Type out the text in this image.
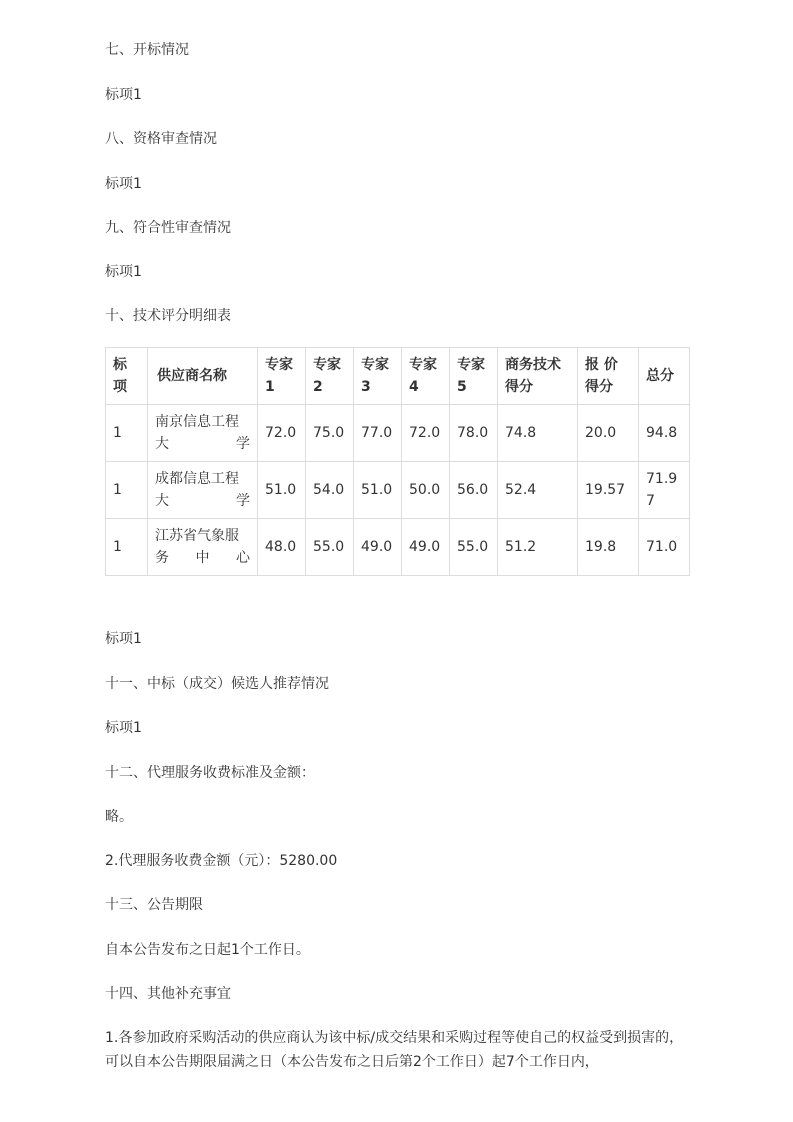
七、开标情况

标项1

八、资格审查情况

标项1

九、符合性审查情况

标项1

十、技术评分明细表

标项	供应商名称	专家1	专家2	专家3	专家4	专家5	商务技术得分	报 价得分	总分
1	南京信息工程大学	72.0	75.0	77.0	72.0	78.0	74.8	20.0	94.8
1	成都信息工程大学	51.0	54.0	51.0	50.0	56.0	52.4	19.57	71.97
1	江苏省气象服务中心	48.0	55.0	49.0	49.0	55.0	51.2	19.8	71.0

标项1

十一、中标（成交）候选人推荐情况

标项1

十二、代理服务收费标准及金额：

略。

2.代理服务收费金额（元）：5280.00

十三、公告期限

自本公告发布之日起1个工作日。

十四、其他补充事宜

1.各参加政府采购活动的供应商认为该中标/成交结果和采购过程等使自己的权益受到损害的，可以自本公告期限届满之日（本公告发布之日后第2个工作日）起7个工作日内，
